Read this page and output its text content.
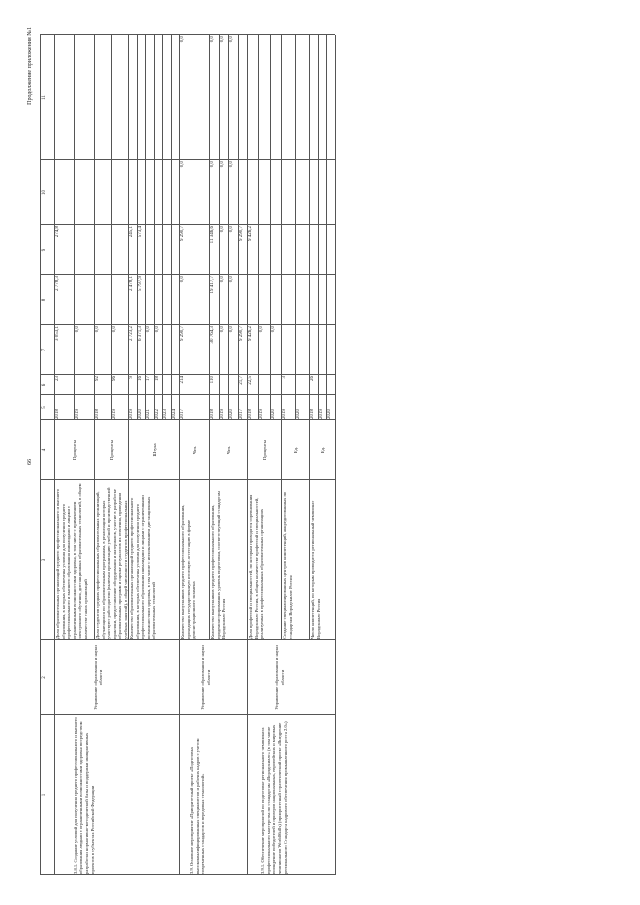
66
Продолжение приложения №1
1
2
3
4
5
6
7
8
9
10
11
Доля образовательных организаций среднего профессионального и высшего образования, в которых обеспечены условия для получения среднего профессионального и высшего образования инвалидами и лицами с ограниченными возможностями здоровья, в том числе с применением электронного обучения, дистанционных образовательных технологий, в общем количестве таких организаций
Проценты
2018
23
3 053,1
2 778,3
274,8
2019
0,0
Доля студентов средних профессиональных образовательных организаций, обучающихся по образовательным программам, в реализации которых участвуют работодатели (включая организацию учебной и производственной практики, предоставление оборудования и материалов, участие в разработке образовательных программ и оценке результатов их освоения, проведении учебных занятий), в общей численности студентов профессиональных
Проценты
2018
92
0,0
2019
96
0,0
Количество образовательных организаций среднего профессионального образования, в которых обеспечены условия для получения среднего профессионального образования инвалидами и лицами с ограниченными возможностями здоровья, в том числе с использованием дистанционных образовательных технологий
Штука
2019
9
2 723,2
2 478,1
245,1
2020
16
6 371,3
5 797,9
573,4
2021
17
0,0
2022
18
0,0
2023 2024
3.8.1. Создание условий для получения среднего профессионального и высшего образования людьми с ограниченными возможностями здоровья посредством разработки нормативно-методической базы и поддержки инициативных проектов в субъектах Российской Федерации
Управление образования и науки области
Количество выпускников среднего профессионального образования, проходящих государственную итоговую аттестацию в форме демонстрационного экзамена
Чел.
2017
214
9 290,7
0,0
9 290,7
0,0
0,0
Количество выпускников среднего профессионального образования, продемонстрировавших уровень подготовки, соответствующий стандартам Ворлдскиллс Россия
Чел.
2018
110
30 764,3
19 417,7
11 346,6
0,0
0,0
2019
0,0
0,0
0,0
0,0
0,0
2020
0,0
0,0
0,0
0,0
0,0
2017
21,7
9 290,7
9 290,7
3.9. Основное мероприятие «Приоритетный проект «Подготовка высококвалифицированных специалистов и рабочих кадров с учетом современных стандартов и передовых технологий»
Управление образования и науки области
Доля профессий и специальностей, по которым проводятся соревнования Ворлдскиллс Россия, в общем количестве профессий и специальностей, реализуемых в профессиональных образовательных организациях
Проценты
2018
22,5
9 426,2
9 426,2
2019
0,0
2020
0,0
Создание специализированных центров компетенций, аккредитованных по стандартам Ворлдскиллс Россия
Ед.
2019
3
2020
Число компетенций, по которым проводится региональный чемпионат Ворлдскиллс Россия
Ед.
2018
26
2019 2020
3.9.1. Обеспечение мероприятий по подготовке регионального чемпионата профессионального мастерства по стандартам «Ворлдскиллс» (в том числе поощрение победителей и призеров национальных, европейских и мировых чемпионатов WorldSkills) (приоритетный стратегический проект «Внедрение регионального Стандарта кадрового обеспечения промышленного роста 2.0»)
Управление образования и науки области
